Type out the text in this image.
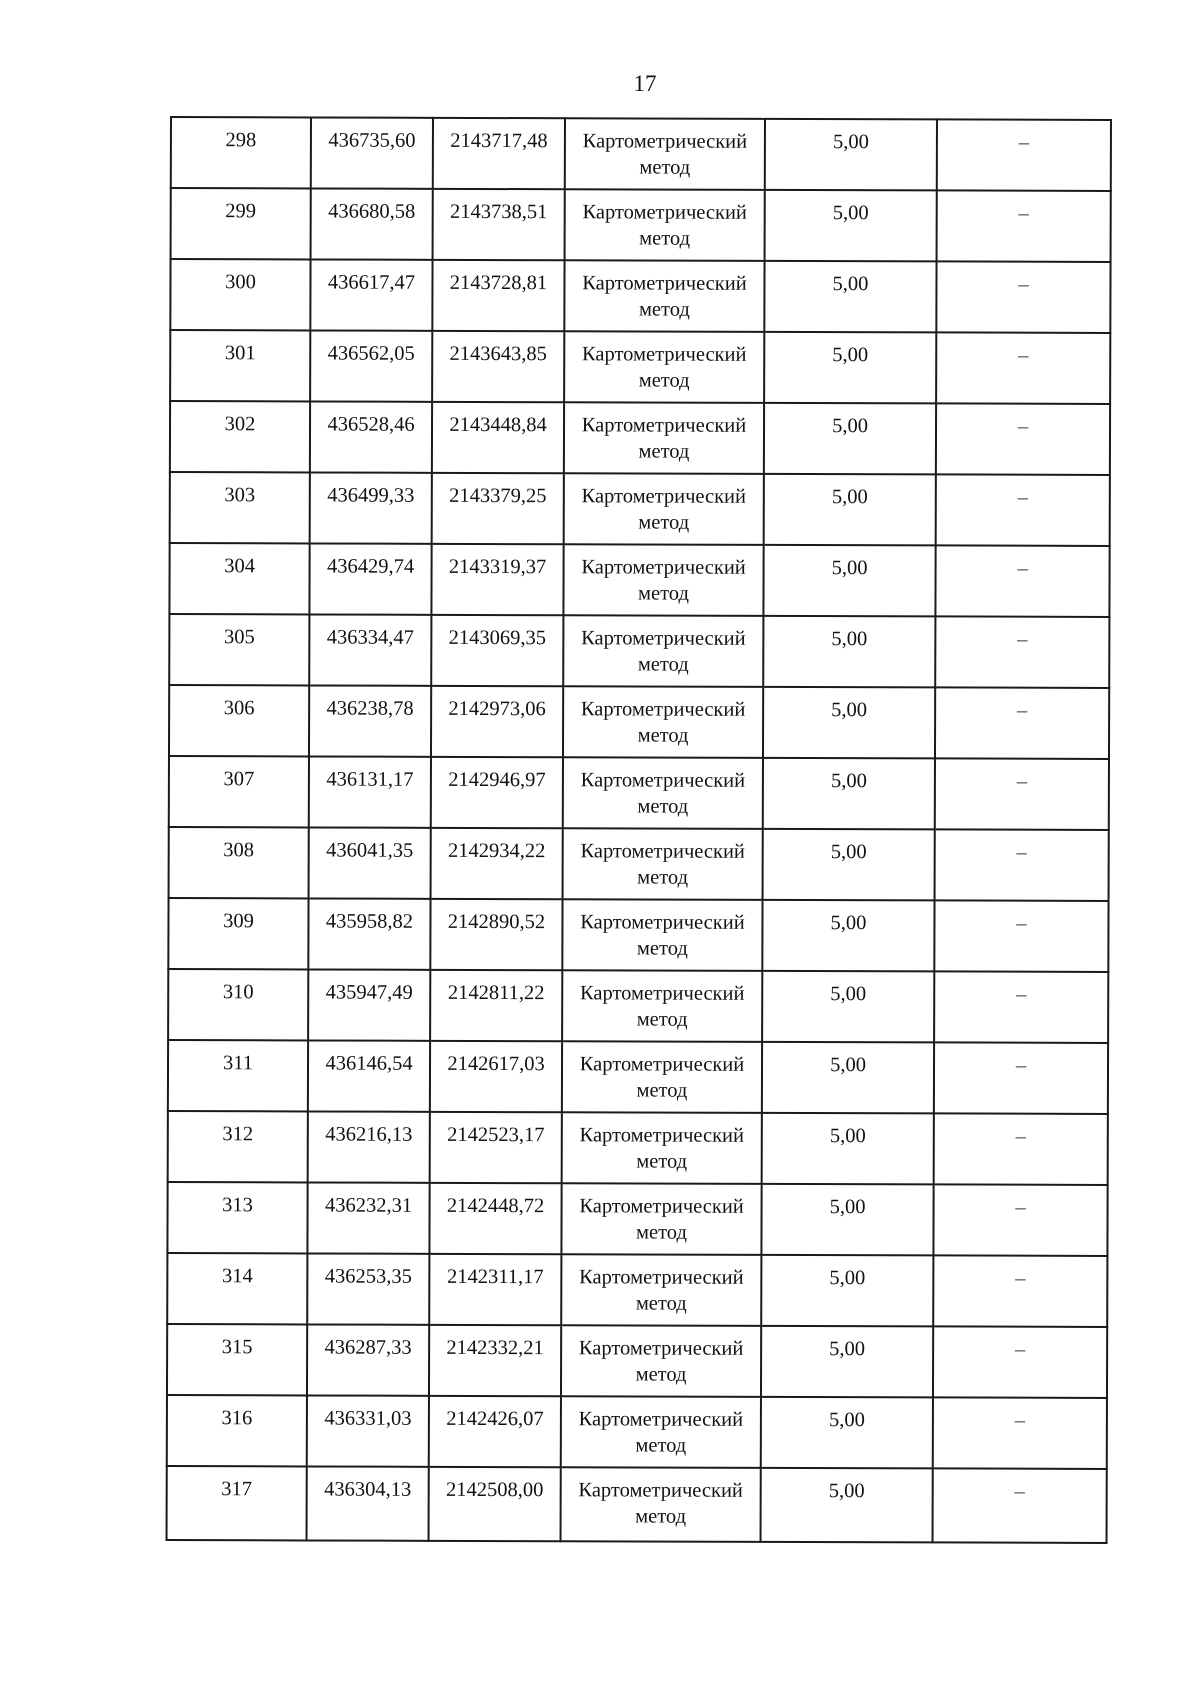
17
298	436735,60	2143717,48	Картометрический
метод	5,00	–

299	436680,58	2143738,51	Картометрический
метод	5,00	–

300	436617,47	2143728,81	Картометрический
метод	5,00	–

301	436562,05	2143643,85	Картометрический
метод	5,00	–

302	436528,46	2143448,84	Картометрический
метод	5,00	–

303	436499,33	2143379,25	Картометрический
метод	5,00	–

304	436429,74	2143319,37	Картометрический
метод	5,00	–

305	436334,47	2143069,35	Картометрический
метод	5,00	–

306	436238,78	2142973,06	Картометрический
метод	5,00	–

307	436131,17	2142946,97	Картометрический
метод	5,00	–

308	436041,35	2142934,22	Картометрический
метод	5,00	–

309	435958,82	2142890,52	Картометрический
метод	5,00	–

310	435947,49	2142811,22	Картометрический
метод	5,00	–

311	436146,54	2142617,03	Картометрический
метод	5,00	–

312	436216,13	2142523,17	Картометрический
метод	5,00	–

313	436232,31	2142448,72	Картометрический
метод	5,00	–

314	436253,35	2142311,17	Картометрический
метод	5,00	–

315	436287,33	2142332,21	Картометрический
метод	5,00	–

316	436331,03	2142426,07	Картометрический
метод	5,00	–

317	436304,13	2142508,00	Картометрический
метод	5,00	–
